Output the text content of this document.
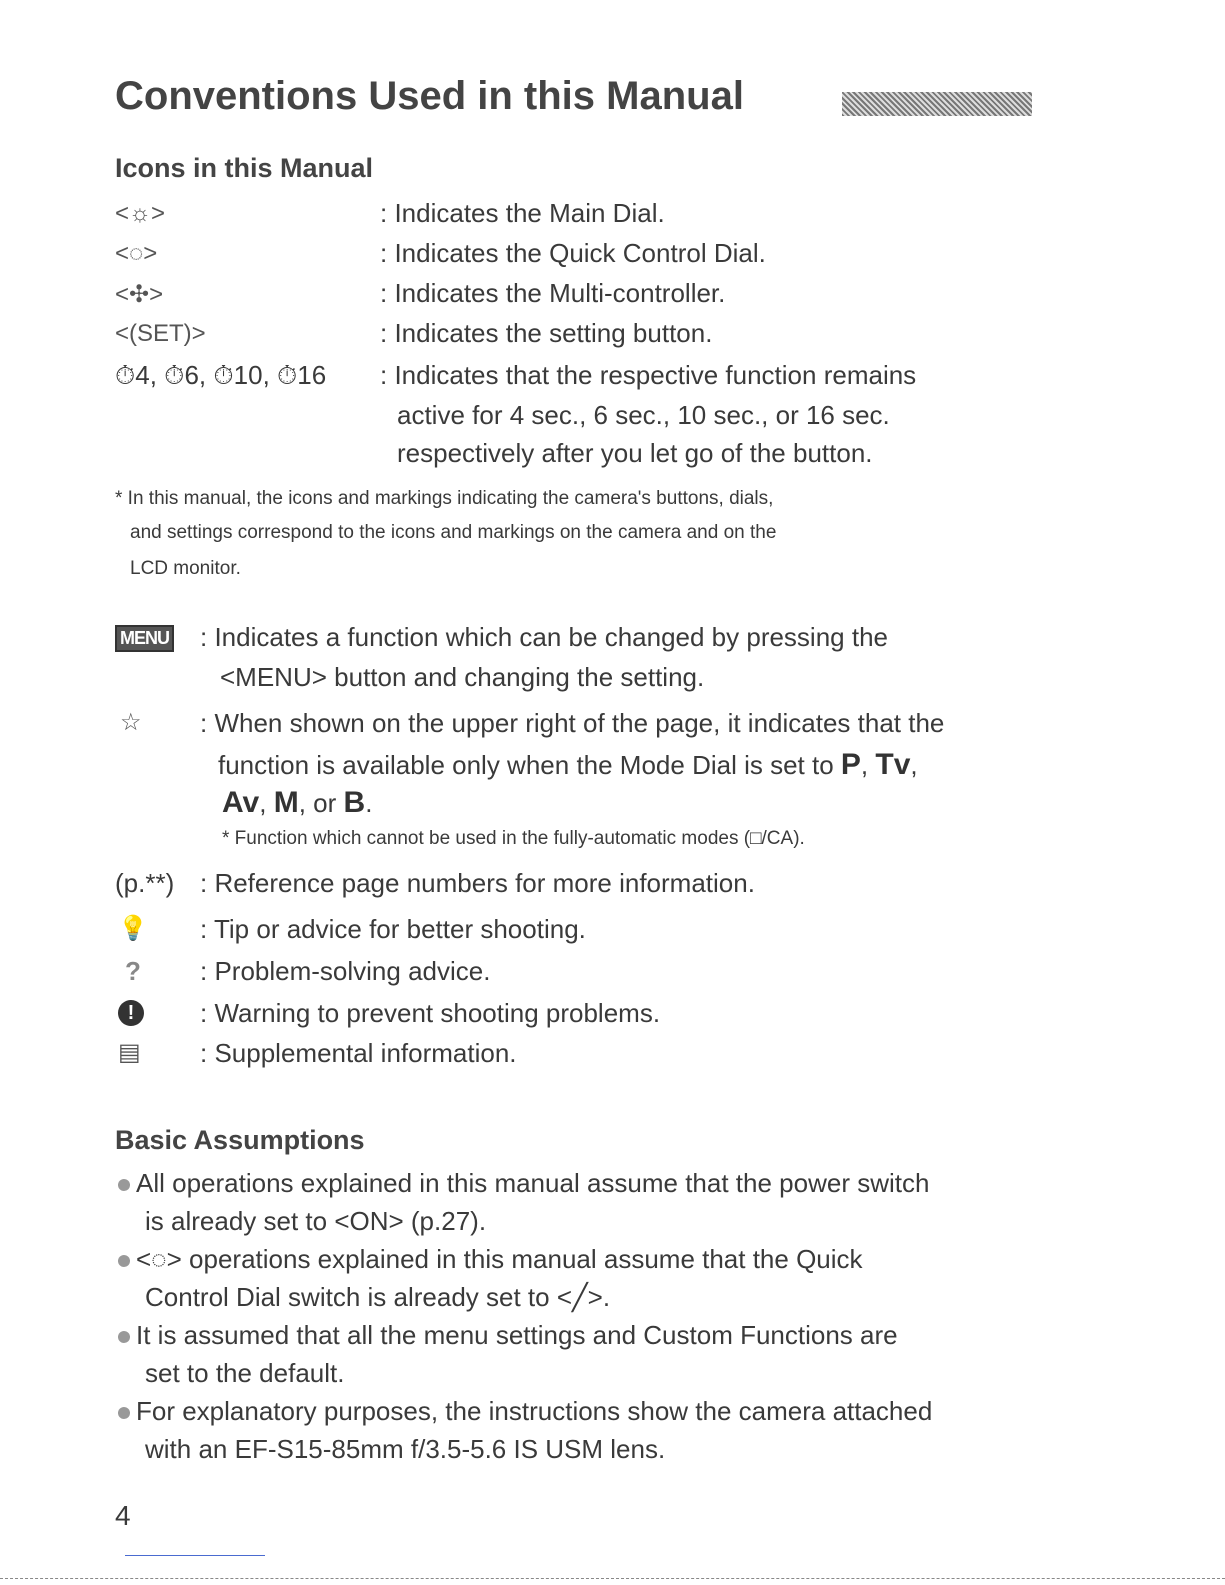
Conventions Used in this Manual
Icons in this Manual
<☼>	: Indicates the Main Dial.
<◌>	: Indicates the Quick Control Dial.
<✣>	: Indicates the Multi-controller.
<(SET)>	: Indicates the setting button.
⏱4, ⏱6, ⏱10, ⏱16 : Indicates that the respective function remains
active for 4 sec., 6 sec., 10 sec., or 16 sec.
respectively after you let go of the button.
* In this manual, the icons and markings indicating the camera's buttons, dials,
and settings correspond to the icons and markings on the camera and on the
LCD monitor.
MENU : Indicates a function which can be changed by pressing the
<MENU> button and changing the setting.
☆ : When shown on the upper right of the page, it indicates that the
function is available only when the Mode Dial is set to P, Tv,
Av, M, or B.
* Function which cannot be used in the fully-automatic modes (□/CA).
(p.**) : Reference page numbers for more information.
💡 : Tip or advice for better shooting.
? : Problem-solving advice.
!	: Warning to prevent shooting problems.
▤ : Supplemental information.
Basic Assumptions
All operations explained in this manual assume that the power switch
is already set to <ON> (p.27).
<◌> operations explained in this manual assume that the Quick
Control Dial switch is already set to <╱>.
It is assumed that all the menu settings and Custom Functions are
set to the default.
For explanatory purposes, the instructions show the camera attached
with an EF-S15-85mm f/3.5-5.6 IS USM lens.
4
